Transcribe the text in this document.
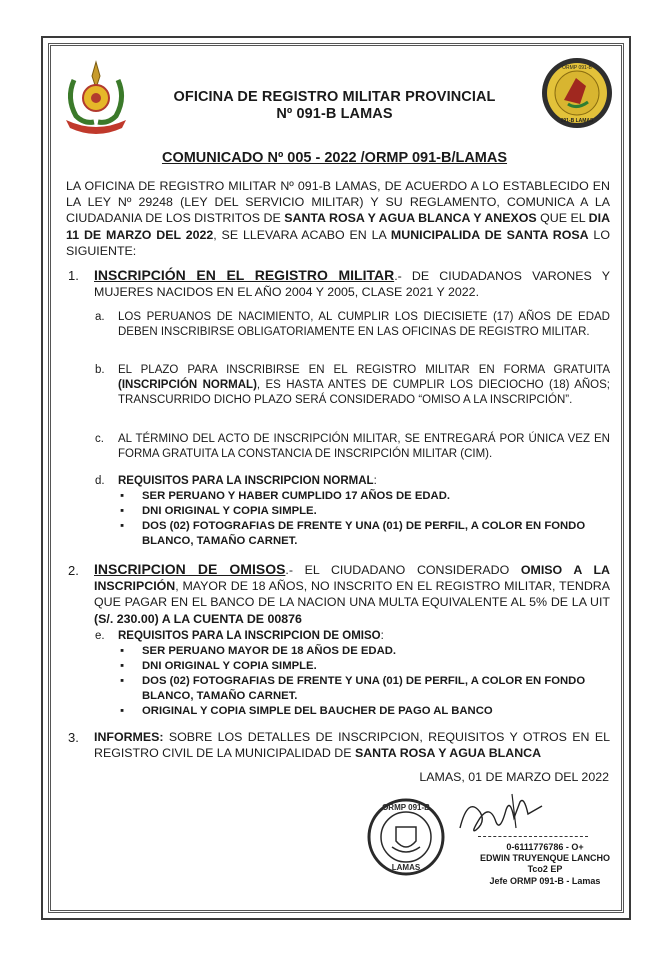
ORMP 091-B
091-B LAMAS
OFICINA DE REGISTRO MILITAR PROVINCIAL
Nº 091-B LAMAS
COMUNICADO Nº 005 - 2022 /ORMP 091-B/LAMAS
LA OFICINA DE REGISTRO MILITAR Nº 091-B LAMAS, DE ACUERDO A LO ESTABLECIDO EN LA LEY Nº 29248 (LEY DEL SERVICIO MILITAR) Y SU REGLAMENTO, COMUNICA A LA CIUDADANIA DE LOS DISTRITOS DE SANTA ROSA Y AGUA BLANCA Y ANEXOS QUE EL DIA 11 DE MARZO DEL 2022, SE LLEVARA ACABO EN LA MUNICIPALIDA DE SANTA ROSA LO SIGUIENTE:
1. INSCRIPCIÓN EN EL REGISTRO MILITAR.- DE CIUDADANOS VARONES Y MUJERES NACIDOS EN EL AÑO 2004 Y 2005, CLASE 2021 Y 2022.
a. LOS PERUANOS DE NACIMIENTO, AL CUMPLIR LOS DIECISIETE (17) AÑOS DE EDAD DEBEN INSCRIBIRSE OBLIGATORIAMENTE EN LAS OFICINAS DE REGISTRO MILITAR.
b. EL PLAZO PARA INSCRIBIRSE EN EL REGISTRO MILITAR EN FORMA GRATUITA (INSCRIPCIÓN NORMAL), ES HASTA ANTES DE CUMPLIR LOS DIECIOCHO (18) AÑOS; TRANSCURRIDO DICHO PLAZO SERÁ CONSIDERADO “OMISO A LA INSCRIPCIÓN”.
c. AL TÉRMINO DEL ACTO DE INSCRIPCIÓN MILITAR, SE ENTREGARÁ POR ÚNICA VEZ EN FORMA GRATUITA LA CONSTANCIA DE INSCRIPCIÓN MILITAR (CIM).
d. REQUISITOS PARA LA INSCRIPCION NORMAL:
▪	SER PERUANO Y HABER CUMPLIDO 17 AÑOS DE EDAD.
▪	DNI ORIGINAL Y COPIA SIMPLE.
▪	DOS (02) FOTOGRAFIAS DE FRENTE Y UNA (01) DE PERFIL, A COLOR EN FONDO BLANCO, TAMAÑO CARNET.
2. INSCRIPCION DE OMISOS.- EL CIUDADANO CONSIDERADO OMISO A LA INSCRIPCIÓN, MAYOR DE 18 AÑOS, NO INSCRITO EN EL REGISTRO MILITAR, TENDRA QUE PAGAR EN EL BANCO DE LA NACION UNA MULTA EQUIVALENTE AL 5% DE LA UIT (S/. 230.00) A LA CUENTA DE 00876
e. REQUISITOS PARA LA INSCRIPCION DE OMISO:
▪	SER PERUANO MAYOR DE 18 AÑOS DE EDAD.
▪	DNI ORIGINAL Y COPIA SIMPLE.
▪	DOS (02) FOTOGRAFIAS DE FRENTE Y UNA (01) DE PERFIL, A COLOR EN FONDO BLANCO, TAMAÑO CARNET.
▪	ORIGINAL Y COPIA SIMPLE DEL BAUCHER DE PAGO AL BANCO
3. INFORMES: SOBRE LOS DETALLES DE INSCRIPCION, REQUISITOS Y OTROS EN EL REGISTRO CIVIL DE LA MUNICIPALIDAD DE SANTA ROSA Y AGUA BLANCA
LAMAS, 01 DE MARZO DEL 2022
ORMP 091-B
LAMAS
0-6111776786 - O+
EDWIN TRUYENQUE LANCHO
Tco2 EP
Jefe ORMP 091-B - Lamas
